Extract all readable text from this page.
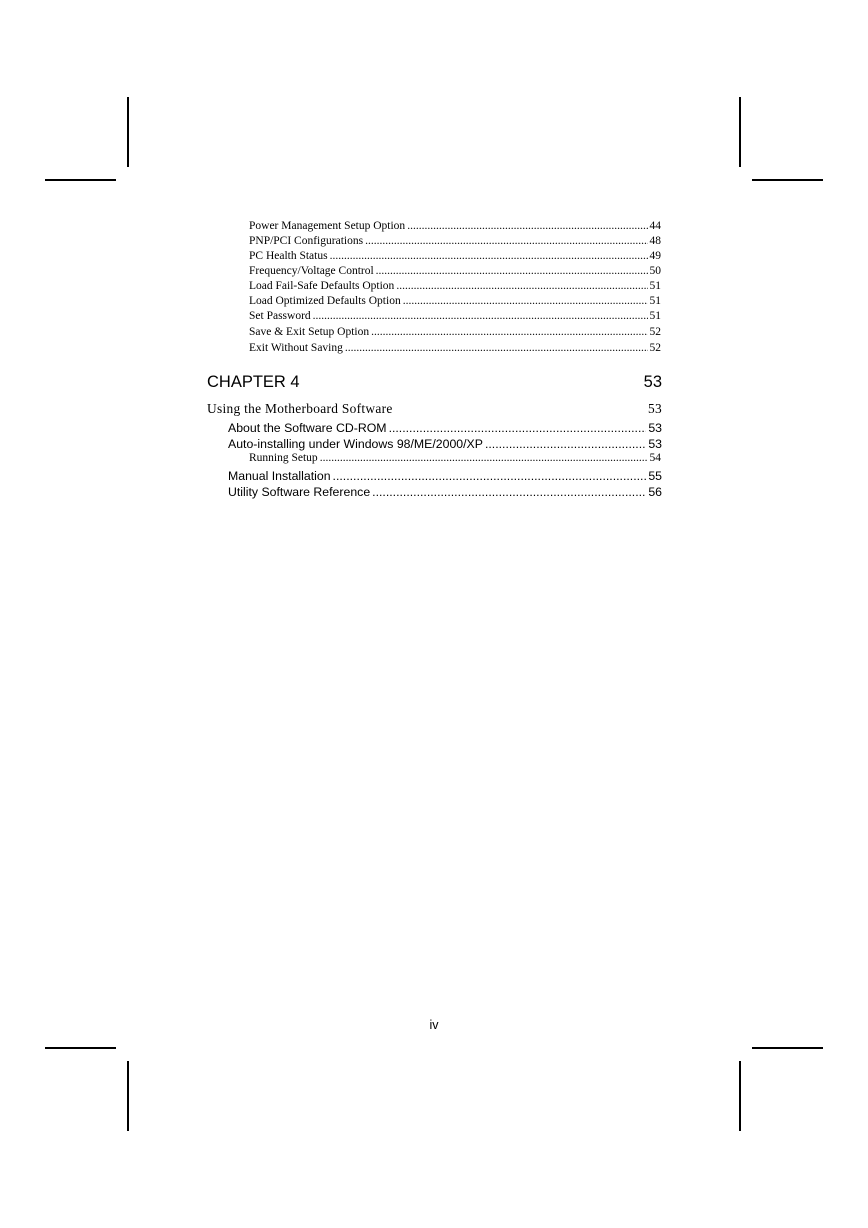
Power Management Setup Option .....	44
PNP/PCI Configurations .....	48
PC Health Status .....	49
Frequency/Voltage Control .....	50
Load Fail-Safe Defaults Option .....	51
Load Optimized Defaults Option .....	51
Set Password .....	51
Save & Exit Setup Option .....	52
Exit Without Saving .....	52
CHAPTER 4	53
Using the Motherboard Software	53
About the Software CD-ROM .....	53
Auto-installing under Windows 98/ME/2000/XP .....	53
Running Setup .....	54
Manual Installation .....	55
Utility Software Reference .....	56
iv
